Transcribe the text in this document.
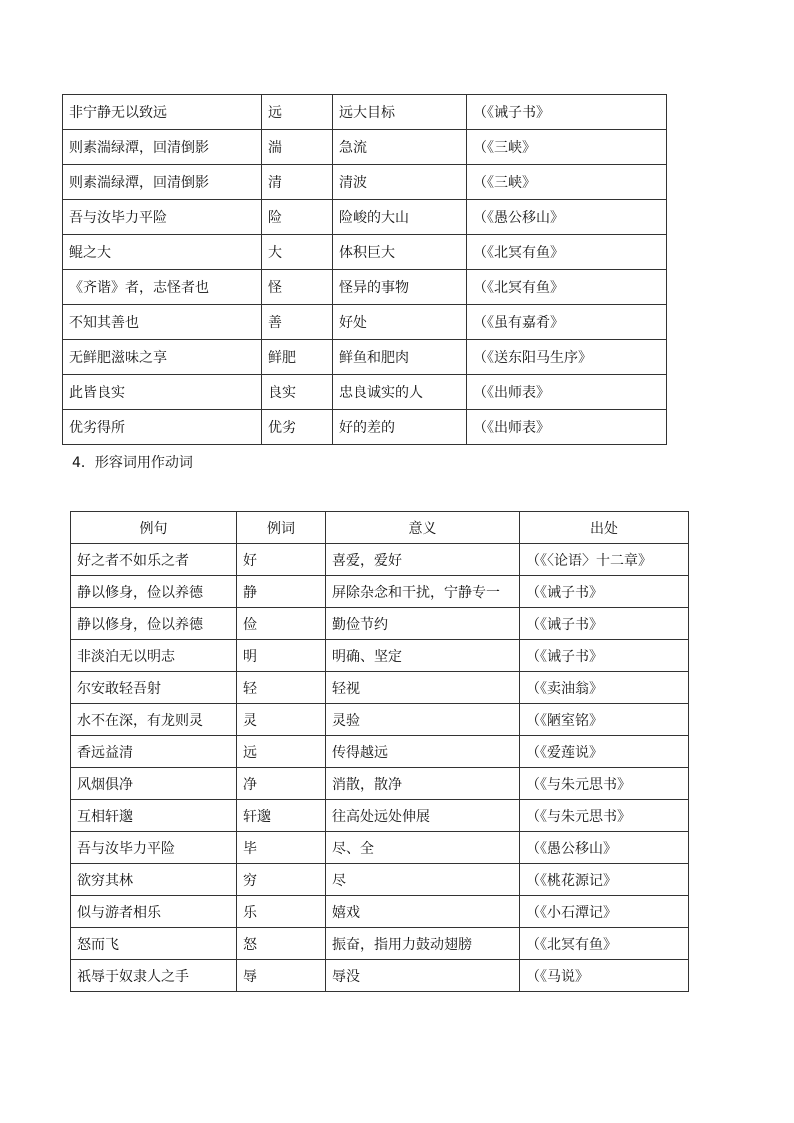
非宁静无以致远	远	远大目标	（《诫子书》
则素湍绿潭，回清倒影	湍	急流	（《三峡》
则素湍绿潭，回清倒影	清	清波	（《三峡》
吾与汝毕力平险	险	险峻的大山	（《愚公移山》
鲲之大	大	体积巨大	（《北冥有鱼》
《齐谐》者，志怪者也	怪	怪异的事物	（《北冥有鱼》
不知其善也	善	好处	（《虽有嘉肴》
无鲜肥滋味之享	鲜肥	鲜鱼和肥肉	（《送东阳马生序》
此皆良实	良实	忠良诚实的人	（《出师表》
优劣得所	优劣	好的差的	（《出师表》
4．形容词用作动词
例句	例词	意义	出处
好之者不如乐之者	好	喜爱，爱好	（《〈论语〉十二章》
静以修身，俭以养德	静	屏除杂念和干扰，宁静专一	（《诫子书》
静以修身，俭以养德	俭	勤俭节约	（《诫子书》
非淡泊无以明志	明	明确、坚定	（《诫子书》
尔安敢轻吾射	轻	轻视	（《卖油翁》
水不在深，有龙则灵	灵	灵验	（《陋室铭》
香远益清	远	传得越远	（《爱莲说》
风烟俱净	净	消散，散净	（《与朱元思书》
互相轩邈	轩邈	往高处远处伸展	（《与朱元思书》
吾与汝毕力平险	毕	尽、全	（《愚公移山》
欲穷其林	穷	尽	（《桃花源记》
似与游者相乐	乐	嬉戏	（《小石潭记》
怒而飞	怒	振奋，指用力鼓动翅膀	（《北冥有鱼》
祇辱于奴隶人之手	辱	辱没	（《马说》
